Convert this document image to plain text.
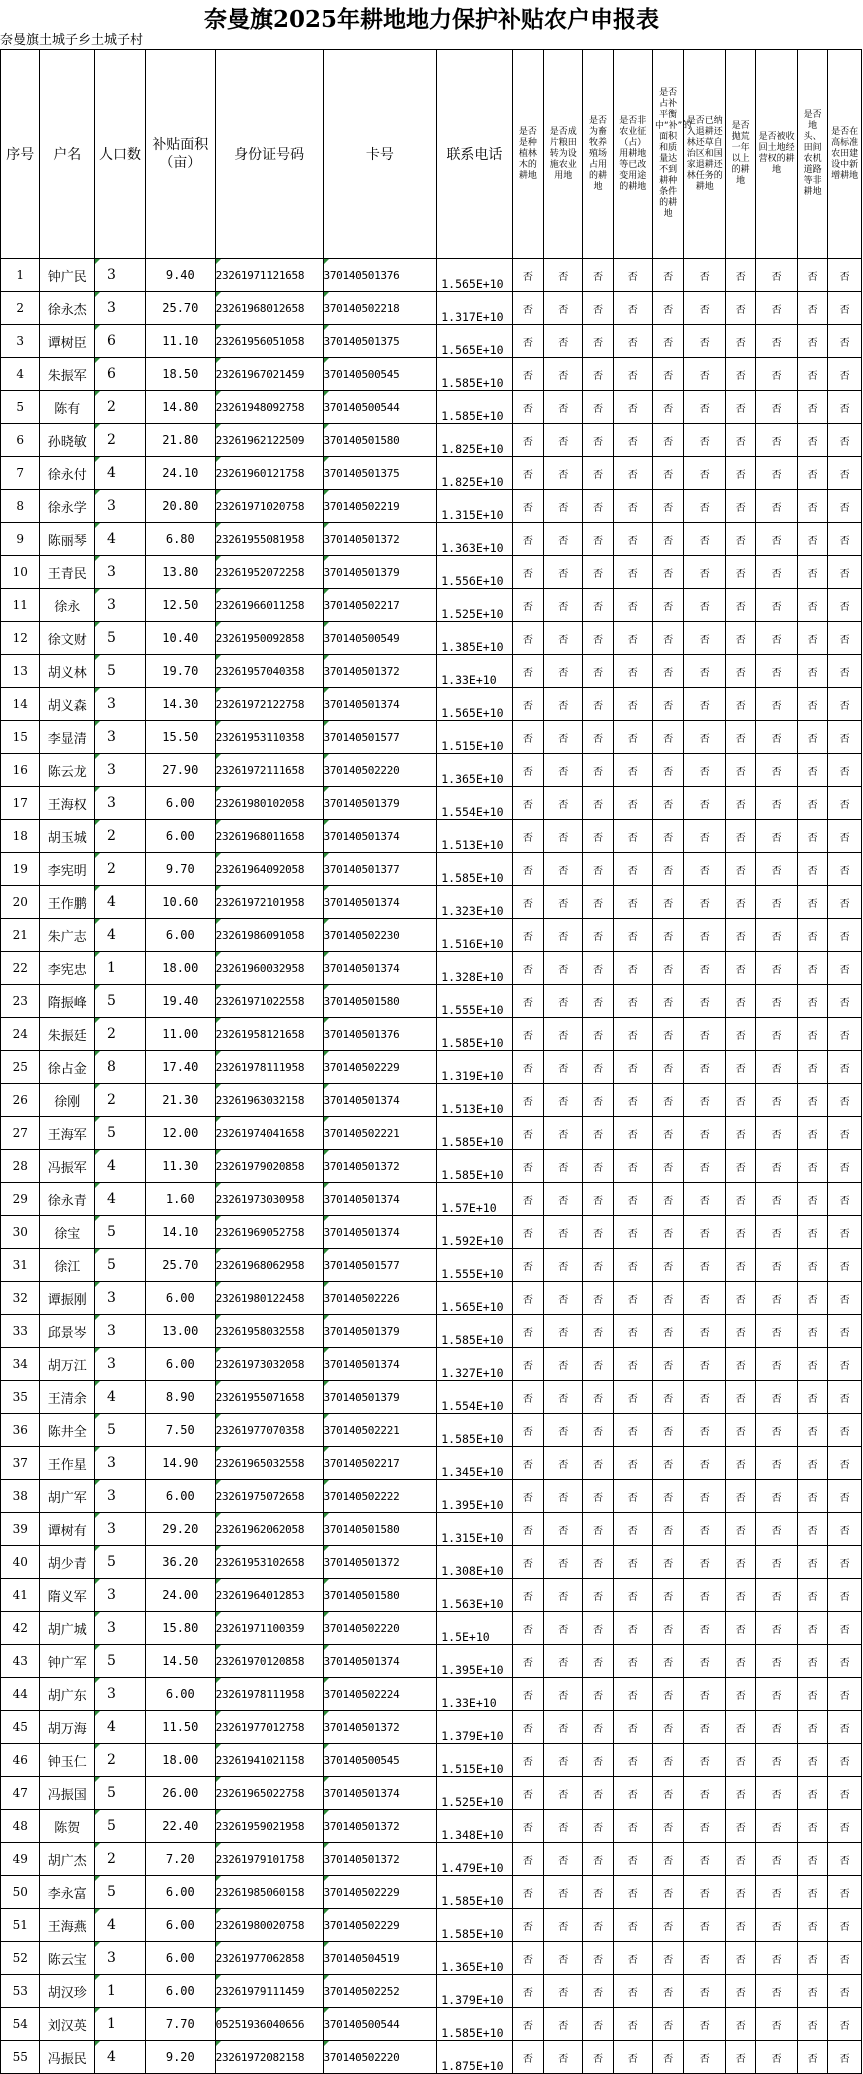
奈曼旗2025年耕地地力保护补贴农户申报表
奈曼旗土城子乡土城子村
序号	户名	人口数	补贴面积（亩）	身份证号码	卡号	联系电话	是否是种植林木的耕地	是否成片粮田转为设施农业用地	是否为畜牧养殖场占用的耕地	是否非农业征（占）用耕地等已改变用途的耕地	是否占补平衡中“补”的面积和质量达不到耕种条件的耕地	是否已纳入退耕还林还草自治区和国家退耕还林任务的耕地	是否抛荒一年以上的耕地	是否被收回土地经营权的耕地	是否地头、田间农机道路等非耕地	是否在高标准农田建设中新增耕地
1	钟广民	3	9.40	23261971121658	370140501376	1.565E+10	否	否	否	否	否	否	否	否	否	否
2	徐永杰	3	25.70	23261968012658	370140502218	1.317E+10	否	否	否	否	否	否	否	否	否	否
3	谭树臣	6	11.10	23261956051058	370140501375	1.565E+10	否	否	否	否	否	否	否	否	否	否
4	朱振军	6	18.50	23261967021459	370140500545	1.585E+10	否	否	否	否	否	否	否	否	否	否
5	陈有	2	14.80	23261948092758	370140500544	1.585E+10	否	否	否	否	否	否	否	否	否	否
6	孙晓敏	2	21.80	23261962122509	370140501580	1.825E+10	否	否	否	否	否	否	否	否	否	否
7	徐永付	4	24.10	23261960121758	370140501375	1.825E+10	否	否	否	否	否	否	否	否	否	否
8	徐永学	3	20.80	23261971020758	370140502219	1.315E+10	否	否	否	否	否	否	否	否	否	否
9	陈丽琴	4	6.80	23261955081958	370140501372	1.363E+10	否	否	否	否	否	否	否	否	否	否
10	王青民	3	13.80	23261952072258	370140501379	1.556E+10	否	否	否	否	否	否	否	否	否	否
11	徐永	3	12.50	23261966011258	370140502217	1.525E+10	否	否	否	否	否	否	否	否	否	否
12	徐文财	5	10.40	23261950092858	370140500549	1.385E+10	否	否	否	否	否	否	否	否	否	否
13	胡义林	5	19.70	23261957040358	370140501372	1.33E+10	否	否	否	否	否	否	否	否	否	否
14	胡义森	3	14.30	23261972122758	370140501374	1.565E+10	否	否	否	否	否	否	否	否	否	否
15	李显清	3	15.50	23261953110358	370140501577	1.515E+10	否	否	否	否	否	否	否	否	否	否
16	陈云龙	3	27.90	23261972111658	370140502220	1.365E+10	否	否	否	否	否	否	否	否	否	否
17	王海权	3	6.00	23261980102058	370140501379	1.554E+10	否	否	否	否	否	否	否	否	否	否
18	胡玉城	2	6.00	23261968011658	370140501374	1.513E+10	否	否	否	否	否	否	否	否	否	否
19	李宪明	2	9.70	23261964092058	370140501377	1.585E+10	否	否	否	否	否	否	否	否	否	否
20	王作鹏	4	10.60	23261972101958	370140501374	1.323E+10	否	否	否	否	否	否	否	否	否	否
21	朱广志	4	6.00	23261986091058	370140502230	1.516E+10	否	否	否	否	否	否	否	否	否	否
22	李宪忠	1	18.00	23261960032958	370140501374	1.328E+10	否	否	否	否	否	否	否	否	否	否
23	隋振峰	5	19.40	23261971022558	370140501580	1.555E+10	否	否	否	否	否	否	否	否	否	否
24	朱振廷	2	11.00	23261958121658	370140501376	1.585E+10	否	否	否	否	否	否	否	否	否	否
25	徐占金	8	17.40	23261978111958	370140502229	1.319E+10	否	否	否	否	否	否	否	否	否	否
26	徐刚	2	21.30	23261963032158	370140501374	1.513E+10	否	否	否	否	否	否	否	否	否	否
27	王海军	5	12.00	23261974041658	370140502221	1.585E+10	否	否	否	否	否	否	否	否	否	否
28	冯振军	4	11.30	23261979020858	370140501372	1.585E+10	否	否	否	否	否	否	否	否	否	否
29	徐永青	4	1.60	23261973030958	370140501374	1.57E+10	否	否	否	否	否	否	否	否	否	否
30	徐宝	5	14.10	23261969052758	370140501374	1.592E+10	否	否	否	否	否	否	否	否	否	否
31	徐江	5	25.70	23261968062958	370140501577	1.555E+10	否	否	否	否	否	否	否	否	否	否
32	谭振刚	3	6.00	23261980122458	370140502226	1.565E+10	否	否	否	否	否	否	否	否	否	否
33	邱景岑	3	13.00	23261958032558	370140501379	1.585E+10	否	否	否	否	否	否	否	否	否	否
34	胡万江	3	6.00	23261973032058	370140501374	1.327E+10	否	否	否	否	否	否	否	否	否	否
35	王清余	4	8.90	23261955071658	370140501379	1.554E+10	否	否	否	否	否	否	否	否	否	否
36	陈井全	5	7.50	23261977070358	370140502221	1.585E+10	否	否	否	否	否	否	否	否	否	否
37	王作星	3	14.90	23261965032558	370140502217	1.345E+10	否	否	否	否	否	否	否	否	否	否
38	胡广军	3	6.00	23261975072658	370140502222	1.395E+10	否	否	否	否	否	否	否	否	否	否
39	谭树有	3	29.20	23261962062058	370140501580	1.315E+10	否	否	否	否	否	否	否	否	否	否
40	胡少青	5	36.20	23261953102658	370140501372	1.308E+10	否	否	否	否	否	否	否	否	否	否
41	隋义军	3	24.00	23261964012853	370140501580	1.563E+10	否	否	否	否	否	否	否	否	否	否
42	胡广城	3	15.80	23261971100359	370140502220	1.5E+10	否	否	否	否	否	否	否	否	否	否
43	钟广军	5	14.50	23261970120858	370140501374	1.395E+10	否	否	否	否	否	否	否	否	否	否
44	胡广东	3	6.00	23261978111958	370140502224	1.33E+10	否	否	否	否	否	否	否	否	否	否
45	胡万海	4	11.50	23261977012758	370140501372	1.379E+10	否	否	否	否	否	否	否	否	否	否
46	钟玉仁	2	18.00	23261941021158	370140500545	1.515E+10	否	否	否	否	否	否	否	否	否	否
47	冯振国	5	26.00	23261965022758	370140501374	1.525E+10	否	否	否	否	否	否	否	否	否	否
48	陈贺	5	22.40	23261959021958	370140501372	1.348E+10	否	否	否	否	否	否	否	否	否	否
49	胡广杰	2	7.20	23261979101758	370140501372	1.479E+10	否	否	否	否	否	否	否	否	否	否
50	李永富	5	6.00	23261985060158	370140502229	1.585E+10	否	否	否	否	否	否	否	否	否	否
51	王海燕	4	6.00	23261980020758	370140502229	1.585E+10	否	否	否	否	否	否	否	否	否	否
52	陈云宝	3	6.00	23261977062858	370140504519	1.365E+10	否	否	否	否	否	否	否	否	否	否
53	胡汉珍	1	6.00	23261979111459	370140502252	1.379E+10	否	否	否	否	否	否	否	否	否	否
54	刘汉英	1	7.70	05251936040656	370140500544	1.585E+10	否	否	否	否	否	否	否	否	否	否
55	冯振民	4	9.20	23261972082158	370140502220	1.875E+10	否	否	否	否	否	否	否	否	否	否
